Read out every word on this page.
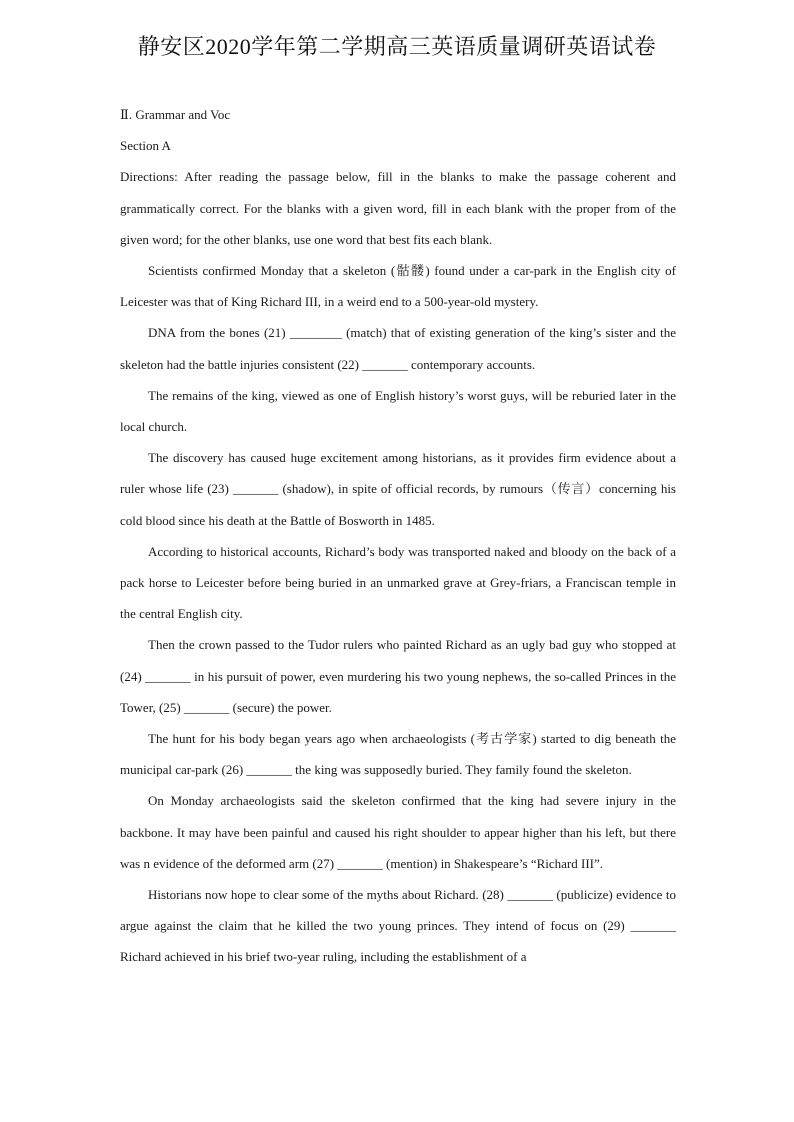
静安区2020学年第二学期高三英语质量调研英语试卷

Ⅱ. Grammar and Voc

Section A

Directions: After reading the passage below, fill in the blanks to make the passage coherent and grammatically correct. For the blanks with a given word, fill in each blank with the proper from of the given word; for the other blanks, use one word that best fits each blank.

Scientists confirmed Monday that a skeleton (骷髅) found under a car-park in the English city of Leicester was that of King Richard III, in a weird end to a 500-year-old mystery.

DNA from the bones (21) ________ (match) that of existing generation of the king’s sister and the skeleton had the battle injuries consistent (22) _______ contemporary accounts.

The remains of the king, viewed as one of English history’s worst guys, will be reburied later in the local church.

The discovery has caused huge excitement among historians, as it provides firm evidence about a ruler whose life (23) _______ (shadow), in spite of official records, by rumours（传言）concerning his cold blood since his death at the Battle of Bosworth in 1485.

According to historical accounts, Richard’s body was transported naked and bloody on the back of a pack horse to Leicester before being buried in an unmarked grave at Grey-friars, a Franciscan temple in the central English city.

Then the crown passed to the Tudor rulers who painted Richard as an ugly bad guy who stopped at (24) _______ in his pursuit of power, even murdering his two young nephews, the so-called Princes in the Tower, (25) _______ (secure) the power.

The hunt for his body began years ago when archaeologists (考古学家) started to dig beneath the municipal car-park (26) _______ the king was supposedly buried. They family found the skeleton.

On Monday archaeologists said the skeleton confirmed that the king had severe injury in the backbone. It may have been painful and caused his right shoulder to appear higher than his left, but there was n evidence of the deformed arm (27) _______ (mention) in Shakespeare’s “Richard III”.

Historians now hope to clear some of the myths about Richard. (28) _______ (publicize) evidence to argue against the claim that he killed the two young princes. They intend of focus on (29) _______ Richard achieved in his brief two-year ruling, including the establishment of a
